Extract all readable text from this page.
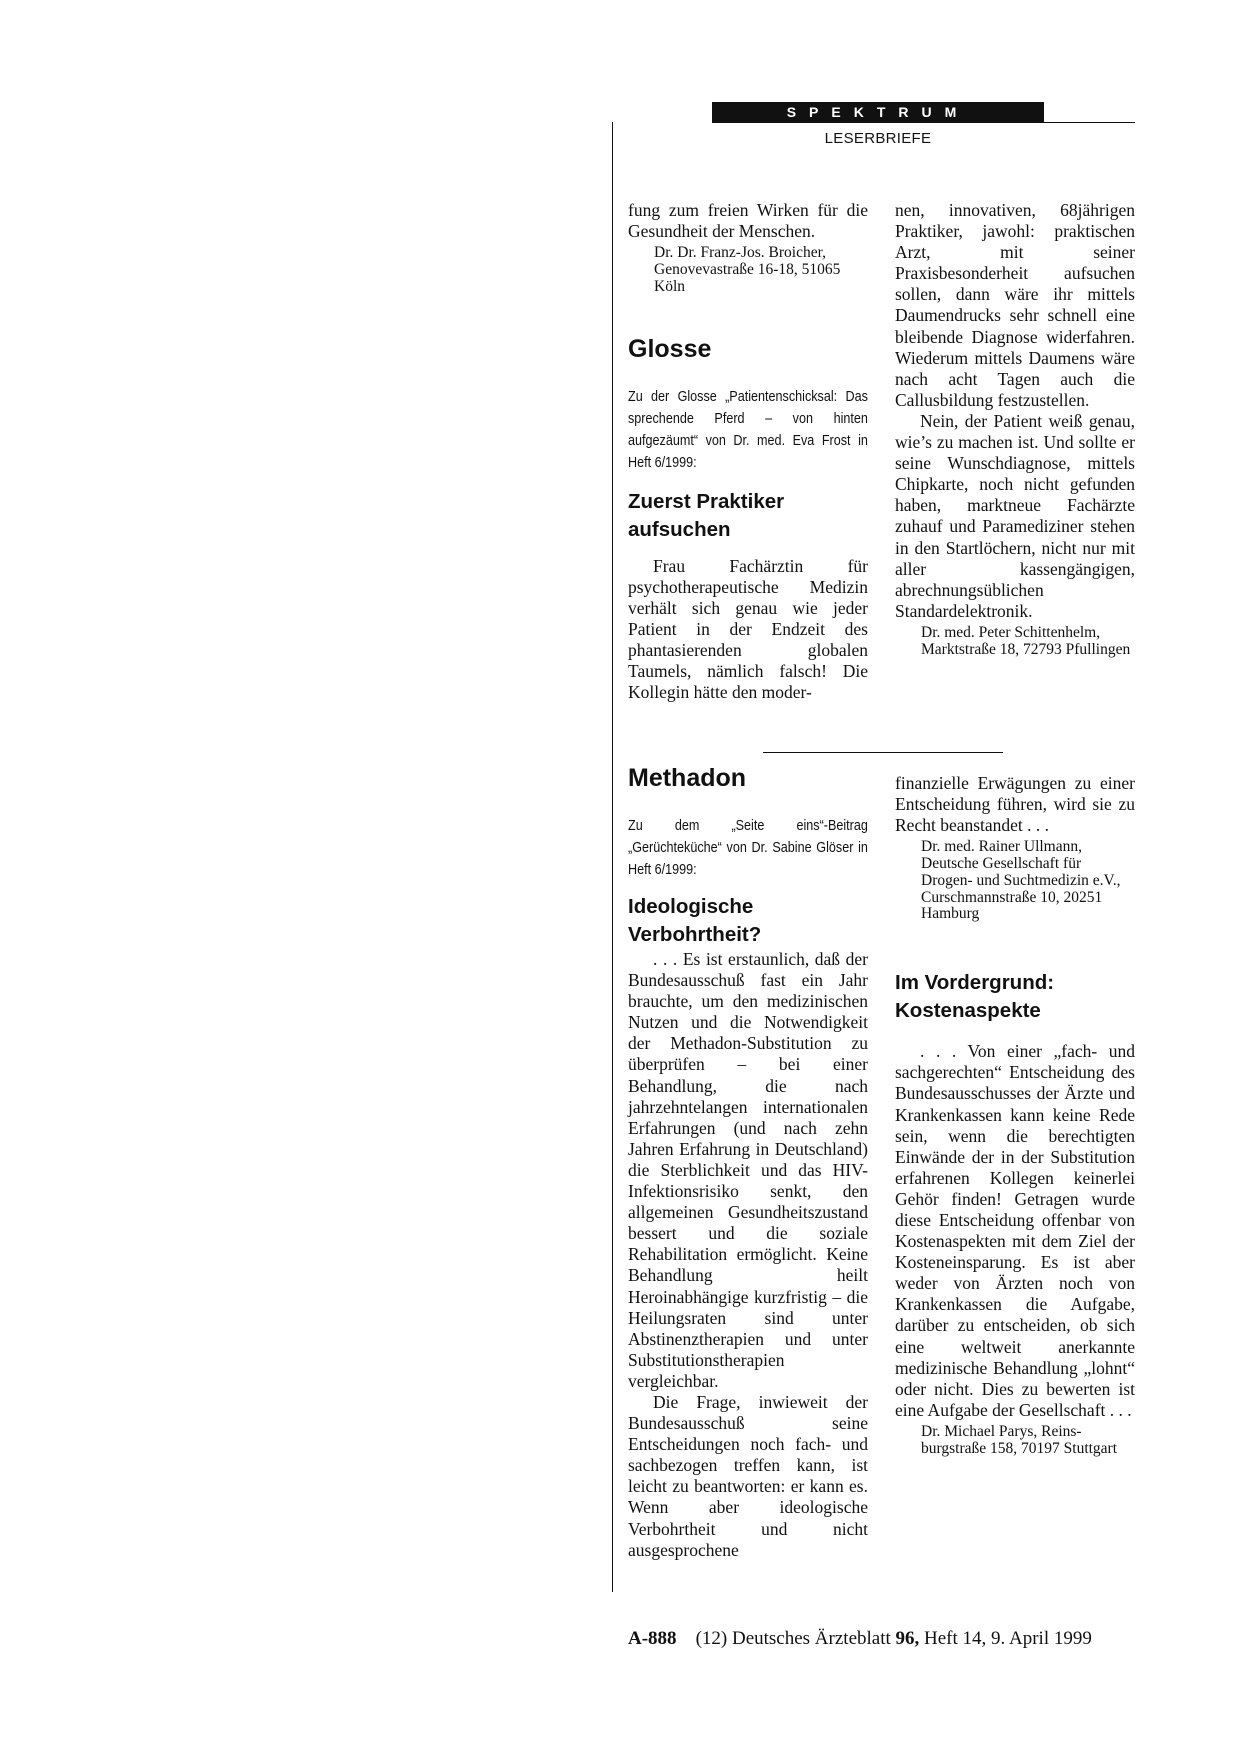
SPEKTRUM
LESERBRIEFE

fung zum freien Wirken für die Gesundheit der Menschen.

Dr. Dr. Franz-Jos. Broicher,
Genovevastraße 16-18, 51065 Köln

Glosse
Zu der Glosse „Patientenschicksal: Das sprechende Pferd – von hinten aufgezäumt“ von Dr. med. Eva Frost in Heft 6/1999:
Zuerst Praktiker
aufsuchen

Frau Fachärztin für psychotherapeutische Medizin verhält sich genau wie jeder Patient in der Endzeit des phantasierenden globalen Taumels, nämlich falsch! Die Kollegin hätte den moder-

nen, innovativen, 68jährigen Praktiker, jawohl: praktischen Arzt, mit seiner Praxisbesonderheit aufsuchen sollen, dann wäre ihr mittels Daumendrucks sehr schnell eine bleibende Diagnose widerfahren. Wiederum mittels Daumens wäre nach acht Tagen auch die Callusbildung festzustellen.

Nein, der Patient weiß genau, wie’s zu machen ist. Und sollte er seine Wunschdiagnose, mittels Chipkarte, noch nicht gefunden haben, marktneue Fachärzte zuhauf und Paramediziner stehen in den Startlöchern, nicht nur mit aller kassengängigen, abrechnungsüblichen Standardelektronik.

Dr. med. Peter Schittenhelm,
Marktstraße 18, 72793 Pfullingen

Methadon
Zu dem „Seite eins“-Beitrag „Gerüchteküche“ von Dr. Sabine Glöser in Heft 6/1999:
Ideologische
Verbohrtheit?

. . . Es ist erstaunlich, daß der Bundesausschuß fast ein Jahr brauchte, um den medizinischen Nutzen und die Notwendigkeit der Methadon-Substitution zu überprüfen – bei einer Behandlung, die nach jahrzehntelangen internationalen Erfahrungen (und nach zehn Jahren Erfahrung in Deutschland) die Sterblichkeit und das HIV-Infektionsrisiko senkt, den allgemeinen Gesundheitszustand bessert und die soziale Rehabilitation ermöglicht. Keine Behandlung heilt Heroinabhängige kurzfristig – die Heilungsraten sind unter Abstinenztherapien und unter Substitutionstherapien vergleichbar.

Die Frage, inwieweit der Bundesausschuß seine Entscheidungen noch fach- und sachbezogen treffen kann, ist leicht zu beantworten: er kann es. Wenn aber ideologische Verbohrtheit und nicht ausgesprochene

finanzielle Erwägungen zu einer Entscheidung führen, wird sie zu Recht beanstandet . . .

Dr. med. Rainer Ullmann,
Deutsche Gesellschaft für Drogen- und Suchtmedizin e.V., Curschmannstraße 10, 20251 Hamburg

Im Vordergrund:
Kostenaspekte

. . . Von einer „fach- und sachgerechten“ Entscheidung des Bundesausschusses der Ärzte und Krankenkassen kann keine Rede sein, wenn die berechtigten Einwände der in der Substitution erfahrenen Kollegen keinerlei Gehör finden! Getragen wurde diese Entscheidung offenbar von Kostenaspekten mit dem Ziel der Kosteneinsparung. Es ist aber weder von Ärzten noch von Krankenkassen die Aufgabe, darüber zu entscheiden, ob sich eine weltweit anerkannte medizinische Behandlung „lohnt“ oder nicht. Dies zu bewerten ist eine Aufgabe der Gesellschaft . . .

Dr. Michael Parys, Reins-
burgstraße 158, 70197 Stuttgart

A-888 (12) Deutsches Ärzteblatt 96, Heft 14, 9. April 1999
